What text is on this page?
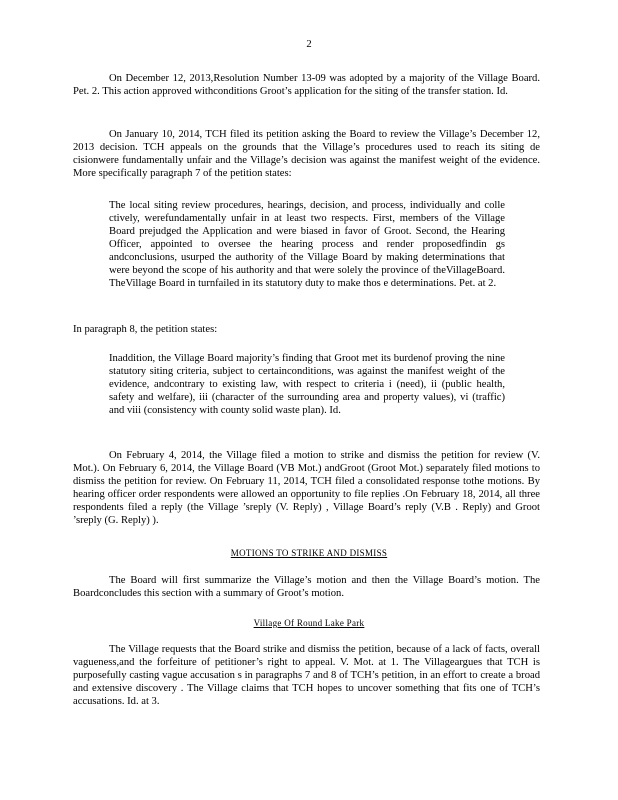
2

On December 12, 2013,Resolution Number 13-09 was adopted by a majority of the Village Board. Pet. 2. This action approved withconditions Groot’s application for the siting of the transfer station. Id.

On January 10, 2014, TCH filed its petition asking the Board to review the Village’s December 12, 2013 decision. TCH appeals on the grounds that the Village’s procedures used to reach its siting de cisionwere fundamentally unfair and the Village’s decision was against the manifest weight of the evidence. More specifically paragraph 7 of the petition states:

The local siting review procedures, hearings, decision, and process, individually and colle ctively, werefundamentally unfair in at least two respects. First, members of the Village Board prejudged the Application and were biased in favor of Groot. Second, the Hearing Officer, appointed to oversee the hearing process and render proposedfindin gs andconclusions, usurped the authority of the Village Board by making determinations that were beyond the scope of his authority and that were solely the province of theVillageBoard. TheVillage Board in turnfailed in its statutory duty to make thos e determinations. Pet. at 2.

In paragraph 8, the petition states:

Inaddition, the Village Board majority’s finding that Groot met its burdenof proving the nine statutory siting criteria, subject to certainconditions, was against the manifest weight of the evidence, andcontrary to existing law, with respect to criteria i (need), ii (public health, safety and welfare), iii (character of the surrounding area and property values), vi (traffic) and viii (consistency with county solid waste plan). Id.

On February 4, 2014, the Village filed a motion to strike and dismiss the petition for review (V. Mot.). On February 6, 2014, the Village Board (VB Mot.) andGroot (Groot Mot.) separately filed motions to dismiss the petition for review. On February 11, 2014, TCH filed a consolidated response tothe motions. By hearing officer order respondents were allowed an opportunity to file replies .On February 18, 2014, all three respondents filed a reply (the Village ’sreply (V. Reply) , Village Board’s reply (V.B . Reply) and Groot ’sreply (G. Reply) ).

MOTIONS TO STRIKE AND DISMISS

The Board will first summarize the Village’s motion and then the Village Board’s motion. The Boardconcludes this section with a summary of Groot’s motion.

Village Of Round Lake Park

The Village requests that the Board strike and dismiss the petition, because of a lack of facts, overall vagueness,and the forfeiture of petitioner’s right to appeal. V. Mot. at 1. The Villageargues that TCH is purposefully casting vague accusation s in paragraphs 7 and 8 of TCH’s petition, in an effort to create a broad and extensive discovery . The Village claims that TCH hopes to uncover something that fits one of TCH’s accusations. Id. at 3.
